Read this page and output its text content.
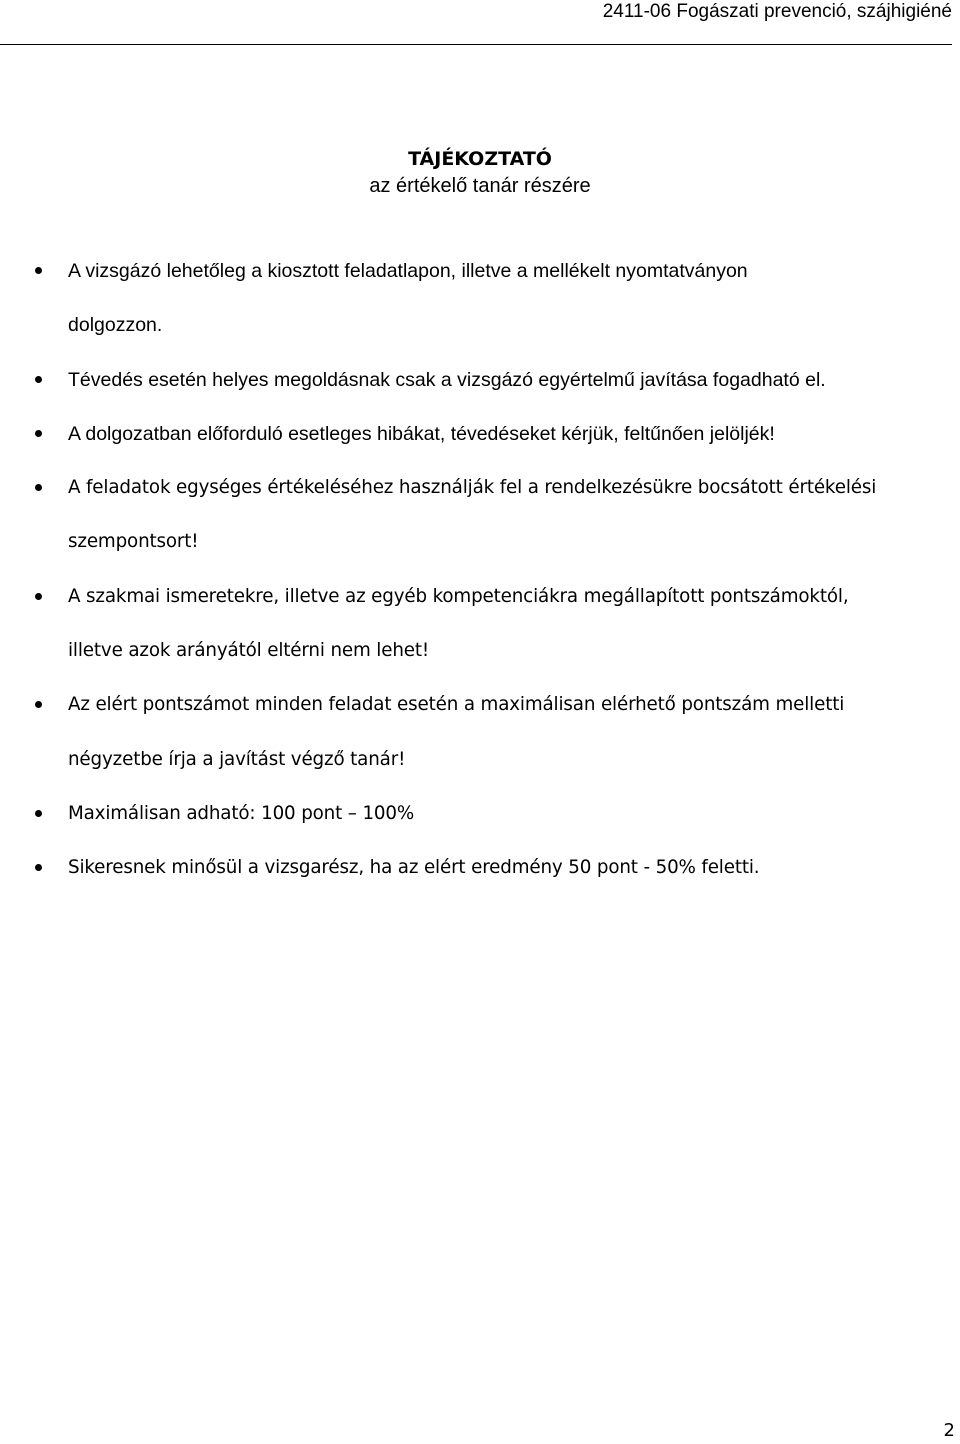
2411-06 Fogászati prevenció, szájhigiéné
TÁJÉKOZTATÓ
az értékelő tanár részére
A vizsgázó lehetőleg a kiosztott feladatlapon, illetve a mellékelt nyomtatványon
dolgozzon.
Tévedés esetén helyes megoldásnak csak a vizsgázó egyértelmű javítása fogadható el.
A dolgozatban előforduló esetleges hibákat, tévedéseket kérjük, feltűnően jelöljék!
A feladatok egységes értékeléséhez használják fel a rendelkezésükre bocsátott értékelési
szempontsort!
A szakmai ismeretekre, illetve az egyéb kompetenciákra megállapított pontszámoktól,
illetve azok arányától eltérni nem lehet!
Az elért pontszámot minden feladat esetén a maximálisan elérhető pontszám melletti
négyzetbe írja a javítást végző tanár!
Maximálisan adható: 100 pont – 100%
Sikeresnek minősül a vizsgarész, ha az elért eredmény 50 pont - 50% feletti.
2
